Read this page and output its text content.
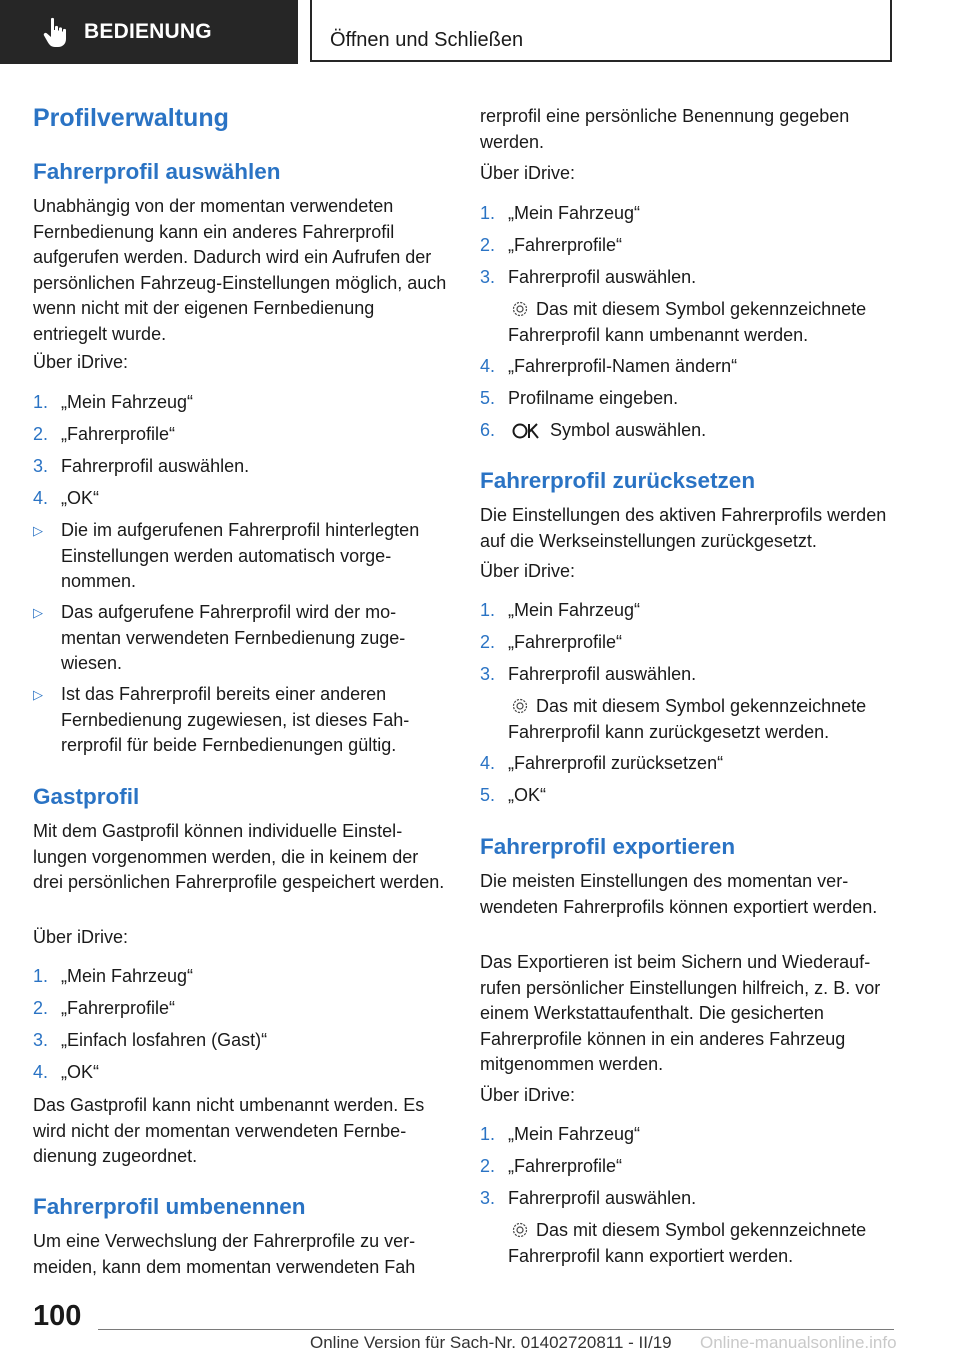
BEDIENUNG	Öffnen und Schließen
Profilverwaltung
Fahrerprofil auswählen

Unabhängig von der momentan verwendeten Fernbedienung kann ein anderes Fahrerprofil aufgerufen werden. Dadurch wird ein Aufrufen der persönlichen Fahrzeug-Einstellungen möglich, auch wenn nicht mit der eigenen Fernbedienung entriegelt wurde.

Über iDrive:

1. „Mein Fahrzeug“
2. „Fahrerprofile“
3. Fahrerprofil auswählen.
4. „OK“
▷ Die im aufgerufenen Fahrerprofil hinterlegten Einstellungen werden automatisch vorgenommen.
▷ Das aufgerufene Fahrerprofil wird der momentan verwendeten Fernbedienung zugewiesen.
▷ Ist das Fahrerprofil bereits einer anderen Fernbedienung zugewiesen, ist dieses Fahrerprofil für beide Fernbedienungen gültig.
Gastprofil

Mit dem Gastprofil können individuelle Einstellungen vorgenommen werden, die in keinem der drei persönlichen Fahrerprofile gespeichert werden.

Über iDrive:

1. „Mein Fahrzeug“
2. „Fahrerprofile“
3. „Einfach losfahren (Gast)“
4. „OK“

Das Gastprofil kann nicht umbenannt werden. Es wird nicht der momentan verwendeten Fernbedienung zugeordnet.

Fahrerprofil umbenennen

Um eine Verwechslung der Fahrerprofile zu vermeiden, kann dem momentan verwendeten Fah

rerprofil eine persönliche Benennung gegeben werden.

Über iDrive:

1. „Mein Fahrzeug“
2. „Fahrerprofile“
3. Fahrerprofil auswählen.
Das mit diesem Symbol gekennzeichnete Fahrerprofil kann umbenannt werden.
4. „Fahrerprofil-Namen ändern“
5. Profilname eingeben.
6.	Symbol auswählen.
Fahrerprofil zurücksetzen

Die Einstellungen des aktiven Fahrerprofils werden auf die Werkseinstellungen zurückgesetzt.

Über iDrive:

1. „Mein Fahrzeug“
2. „Fahrerprofile“
3. Fahrerprofil auswählen.
Das mit diesem Symbol gekennzeichnete Fahrerprofil kann zurückgesetzt werden.
4. „Fahrerprofil zurücksetzen“
5. „OK“
Fahrerprofil exportieren

Die meisten Einstellungen des momentan verwendeten Fahrerprofils können exportiert werden.

Das Exportieren ist beim Sichern und Wiederaufrufen persönlicher Einstellungen hilfreich, z. B. vor einem Werkstattaufenthalt. Die gesicherten Fahrerprofile können in ein anderes Fahrzeug mitgenommen werden.

Über iDrive:

1. „Mein Fahrzeug“
2. „Fahrerprofile“
3. Fahrerprofil auswählen.
Das mit diesem Symbol gekennzeichnete Fahrerprofil kann exportiert werden.
100
Online Version für Sach-Nr. 01402720811 - II/19 Online-manualsonline.info
